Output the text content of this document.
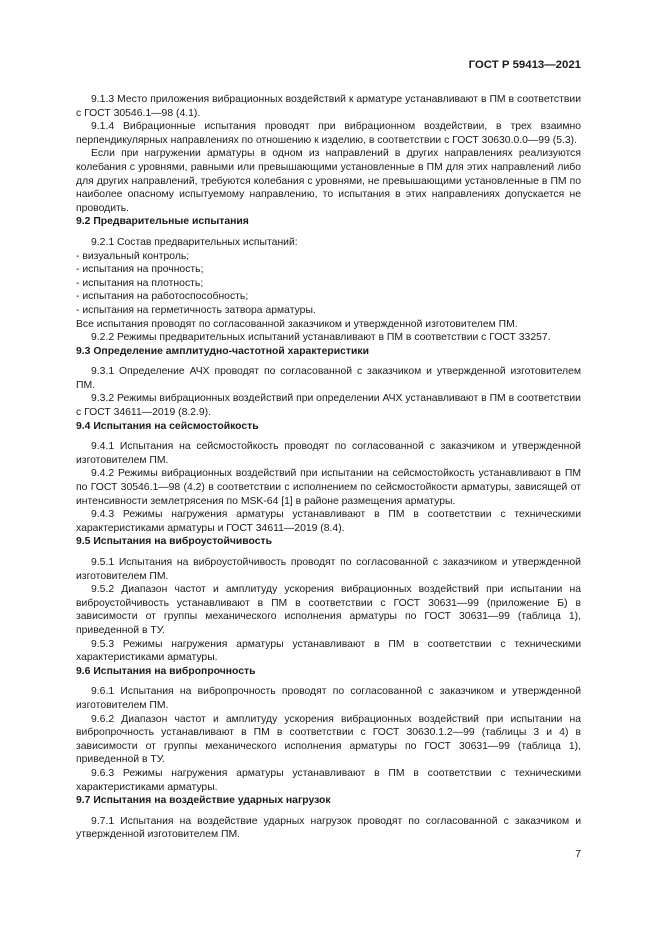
ГОСТ Р 59413—2021

9.1.3 Место приложения вибрационных воздействий к арматуре устанавливают в ПМ в соответствии с ГОСТ 30546.1—98 (4.1).

9.1.4 Вибрационные испытания проводят при вибрационном воздействии, в трех взаимно перпендикулярных направлениях по отношению к изделию, в соответствии с ГОСТ 30630.0.0—99 (5.3).

Если при нагружении арматуры в одном из направлений в других направлениях реализуются колебания с уровнями, равными или превышающими установленные в ПМ для этих направлений либо для других направлений, требуются колебания с уровнями, не превышающими установленные в ПМ по наиболее опасному испытуемому направлению, то испытания в этих направлениях допускается не проводить.

9.2 Предварительные испытания

9.2.1 Состав предварительных испытаний:

- визуальный контроль;

- испытания на прочность;

- испытания на плотность;

- испытания на работоспособность;

- испытания на герметичность затвора арматуры.

Все испытания проводят по согласованной заказчиком и утвержденной изготовителем ПМ.

9.2.2 Режимы предварительных испытаний устанавливают в ПМ в соответствии с ГОСТ 33257.

9.3 Определение амплитудно-частотной характеристики

9.3.1 Определение АЧХ проводят по согласованной с заказчиком и утвержденной изготовителем ПМ.

9.3.2 Режимы вибрационных воздействий при определении АЧХ устанавливают в ПМ в соответствии с ГОСТ 34611—2019 (8.2.9).

9.4 Испытания на сейсмостойкость

9.4.1 Испытания на сейсмостойкость проводят по согласованной с заказчиком и утвержденной изготовителем ПМ.

9.4.2 Режимы вибрационных воздействий при испытании на сейсмостойкость устанавливают в ПМ по ГОСТ 30546.1—98 (4.2) в соответствии с исполнением по сейсмостойкости арматуры, зависящей от интенсивности землетрясения по MSK-64 [1] в районе размещения арматуры.

9.4.3 Режимы нагружения арматуры устанавливают в ПМ в соответствии с техническими характеристиками арматуры и ГОСТ 34611—2019 (8.4).

9.5 Испытания на виброустойчивость

9.5.1 Испытания на виброустойчивость проводят по согласованной с заказчиком и утвержденной изготовителем ПМ.

9.5.2 Диапазон частот и амплитуду ускорения вибрационных воздействий при испытании на виброустойчивость устанавливают в ПМ в соответствии с ГОСТ 30631—99 (приложение Б) в зависимости от группы механического исполнения арматуры по ГОСТ 30631—99 (таблица 1), приведенной в ТУ.

9.5.3 Режимы нагружения арматуры устанавливают в ПМ в соответствии с техническими характеристиками арматуры.

9.6 Испытания на вибропрочность

9.6.1 Испытания на вибропрочность проводят по согласованной с заказчиком и утвержденной изготовителем ПМ.

9.6.2 Диапазон частот и амплитуду ускорения вибрационных воздействий при испытании на вибропрочность устанавливают в ПМ в соответствии с ГОСТ 30630.1.2—99 (таблицы 3 и 4) в зависимости от группы механического исполнения арматуры по ГОСТ 30631—99 (таблица 1), приведенной в ТУ.

9.6.3 Режимы нагружения арматуры устанавливают в ПМ в соответствии с техническими характеристиками арматуры.

9.7 Испытания на воздействие ударных нагрузок

9.7.1 Испытания на воздействие ударных нагрузок проводят по согласованной с заказчиком и утвержденной изготовителем ПМ.

7
